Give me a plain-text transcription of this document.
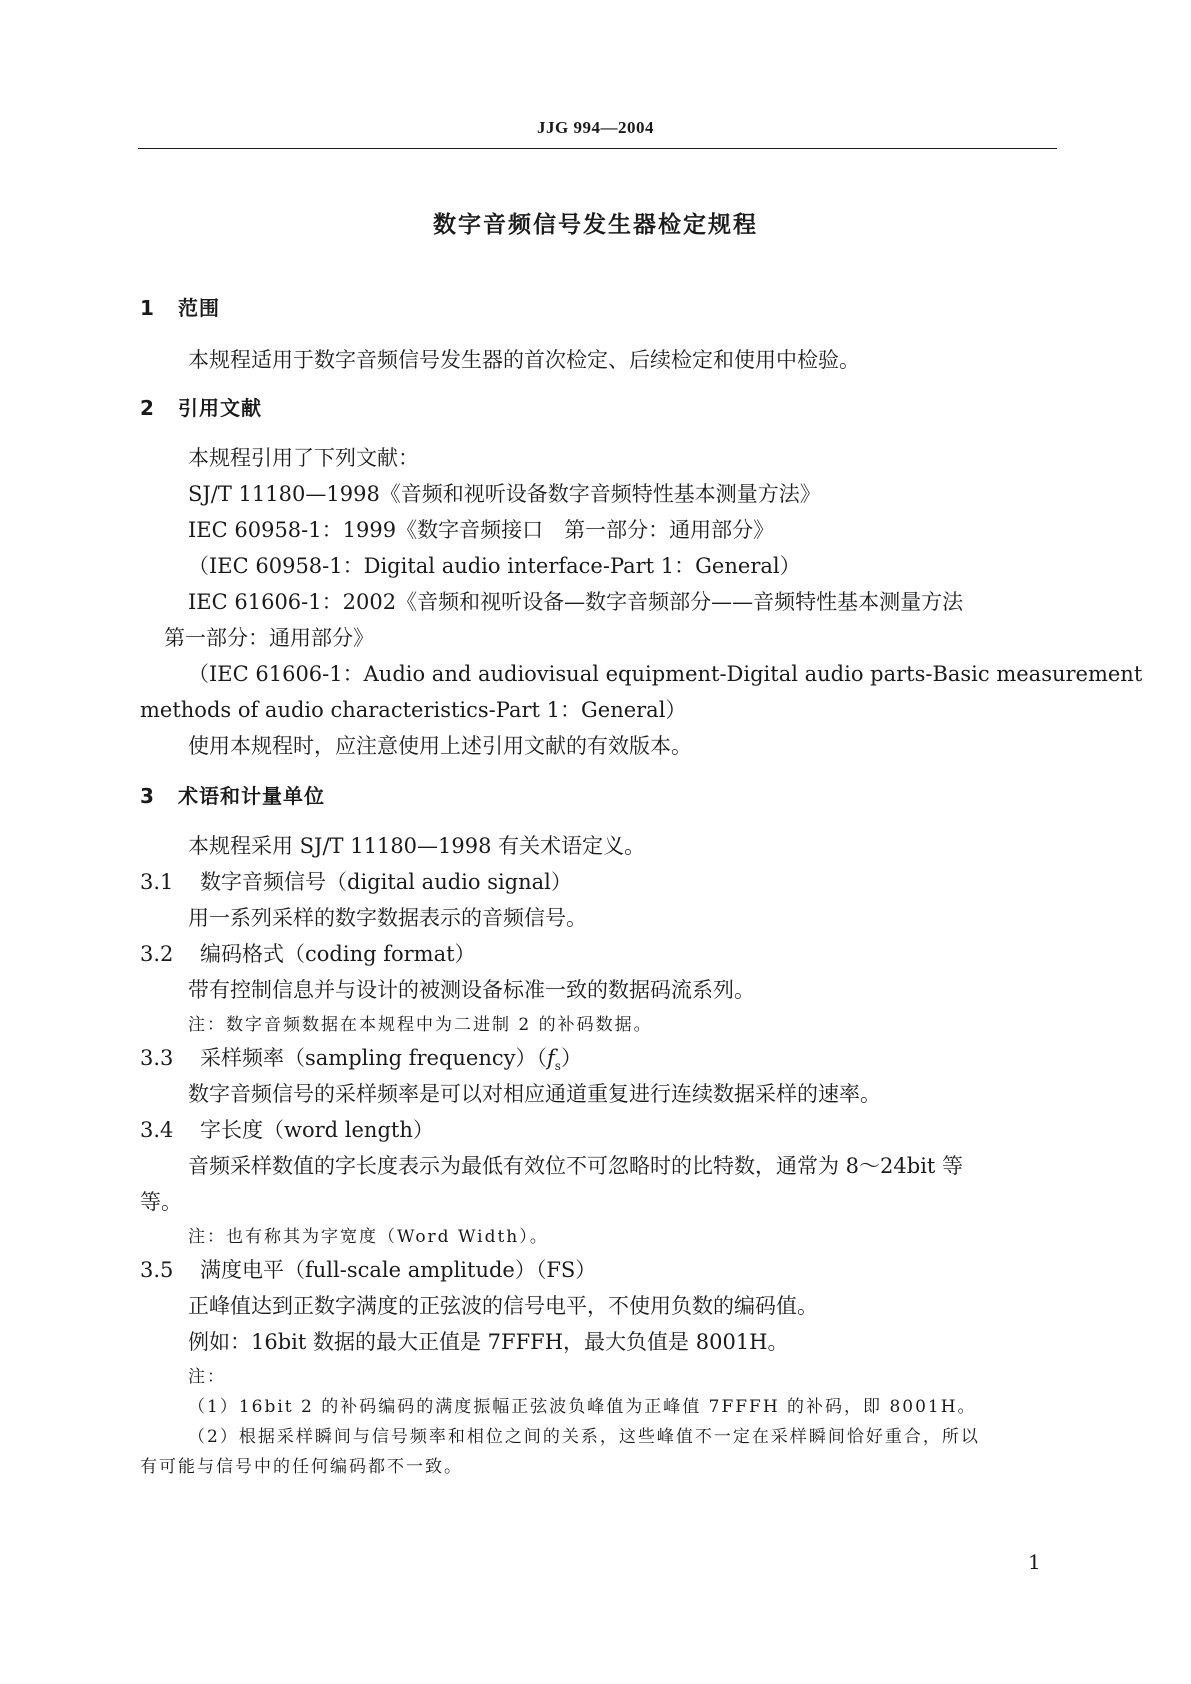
JJG 994—2004
数字音频信号发生器检定规程
1 范围
本规程适用于数字音频信号发生器的首次检定、后续检定和使用中检验。
2 引用文献
本规程引用了下列文献：
SJ/T 11180—1998《音频和视听设备数字音频特性基本测量方法》
IEC 60958-1：1999《数字音频接口　第一部分：通用部分》
（IEC 60958-1：Digital audio interface-Part 1：General）
IEC 61606-1：2002《音频和视听设备—数字音频部分——音频特性基本测量方法
第一部分：通用部分》
（IEC 61606-1：Audio and audiovisual equipment-Digital audio parts-Basic measurement
methods of audio characteristics-Part 1：General）
使用本规程时，应注意使用上述引用文献的有效版本。
3 术语和计量单位
本规程采用 SJ/T 11180—1998 有关术语定义。
3.1 数字音频信号（digital audio signal）
用一系列采样的数字数据表示的音频信号。
3.2 编码格式（coding format）
带有控制信息并与设计的被测设备标准一致的数据码流系列。
注：数字音频数据在本规程中为二进制 2 的补码数据。
3.3 采样频率（sampling $frequency)(f_s)$
数字音频信号的采样频率是可以对相应通道重复进行连续数据采样的速率。
3.4 字长度（word length）
音频采样数值的字长度表示为最低有效位不可忽略时的比特数，通常为 8～24bit 等
等。
注：也有称其为字宽度（Word Width）。
3.5 满度电平（full-scale amplitude）（FS）
正峰值达到正数字满度的正弦波的信号电平，不使用负数的编码值。
例如：16bit 数据的最大正值是 7FFFH，最大负值是 8001H。
注：
（1）16bit 2 的补码编码的满度振幅正弦波负峰值为正峰值 7FFFH 的补码，即 8001H。
（2）根据采样瞬间与信号频率和相位之间的关系，这些峰值不一定在采样瞬间恰好重合，所以
有可能与信号中的任何编码都不一致。
1
